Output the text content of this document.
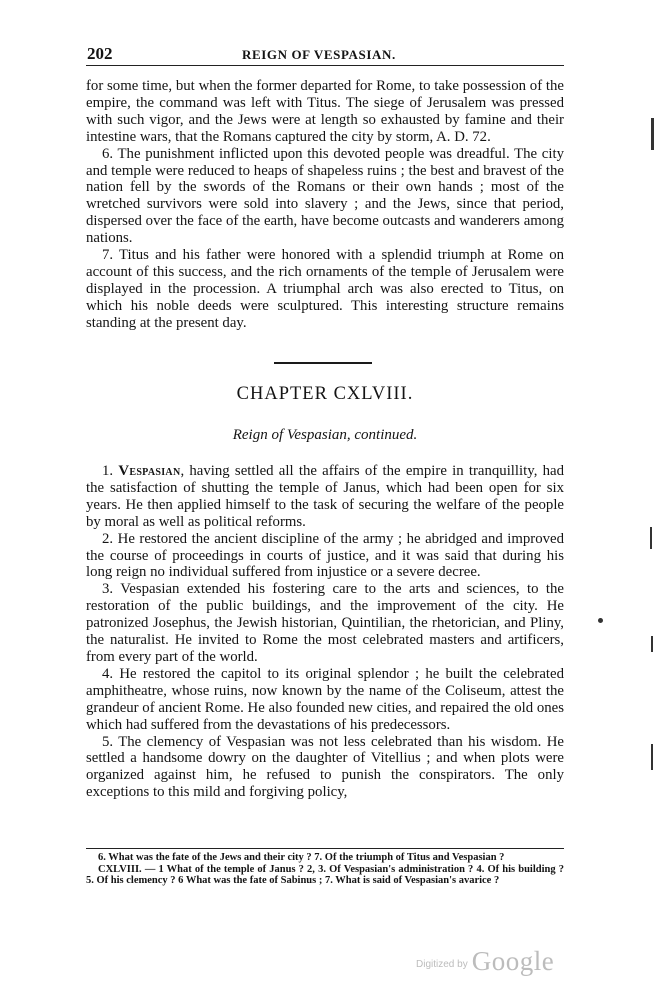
202	REIGN OF VESPASIAN.

for some time, but when the former departed for Rome, to take possession of the empire, the command was left with Titus. The siege of Jerusalem was pressed with such vigor, and the Jews were at length so exhausted by famine and their intestine wars, that the Romans captured the city by storm, A. D. 72.

6. The punishment inflicted upon this devoted people was dreadful. The city and temple were reduced to heaps of shapeless ruins ; the best and bravest of the nation fell by the swords of the Romans or their own hands ; most of the wretched survivors were sold into slavery ; and the Jews, since that period, dispersed over the face of the earth, have become outcasts and wanderers among nations.

7. Titus and his father were honored with a splendid triumph at Rome on account of this success, and the rich ornaments of the temple of Jerusalem were displayed in the procession. A triumphal arch was also erected to Titus, on which his noble deeds were sculptured. This interesting structure remains standing at the present day.

CHAPTER CXLVIII.
Reign of Vespasian, continued.

1. Vespasian, having settled all the affairs of the empire in tranquillity, had the satisfaction of shutting the temple of Janus, which had been open for six years. He then applied himself to the task of securing the welfare of the people by moral as well as political reforms.

2. He restored the ancient discipline of the army ; he abridged and improved the course of proceedings in courts of justice, and it was said that during his long reign no individual suffered from injustice or a severe decree.

3. Vespasian extended his fostering care to the arts and sciences, to the restoration of the public buildings, and the improvement of the city. He patronized Josephus, the Jewish historian, Quintilian, the rhetorician, and Pliny, the naturalist. He invited to Rome the most celebrated masters and artificers, from every part of the world.

4. He restored the capitol to its original splendor ; he built the celebrated amphitheatre, whose ruins, now known by the name of the Coliseum, attest the grandeur of ancient Rome. He also founded new cities, and repaired the old ones which had suffered from the devastations of his predecessors.

5. The clemency of Vespasian was not less celebrated than his wisdom. He settled a handsome dowry on the daughter of Vitellius ; and when plots were organized against him, he refused to punish the conspirators. The only exceptions to this mild and forgiving policy,

6. What was the fate of the Jews and their city ? 7. Of the triumph of Titus and Vespasian ?

CXLVIII. — 1 What of the temple of Janus ? 2, 3. Of Vespasian's administration ? 4. Of his building ? 5. Of his clemency ? 6 What was the fate of Sabinus ; 7. What is said of Vespasian's avarice ?

Digitized by Google
